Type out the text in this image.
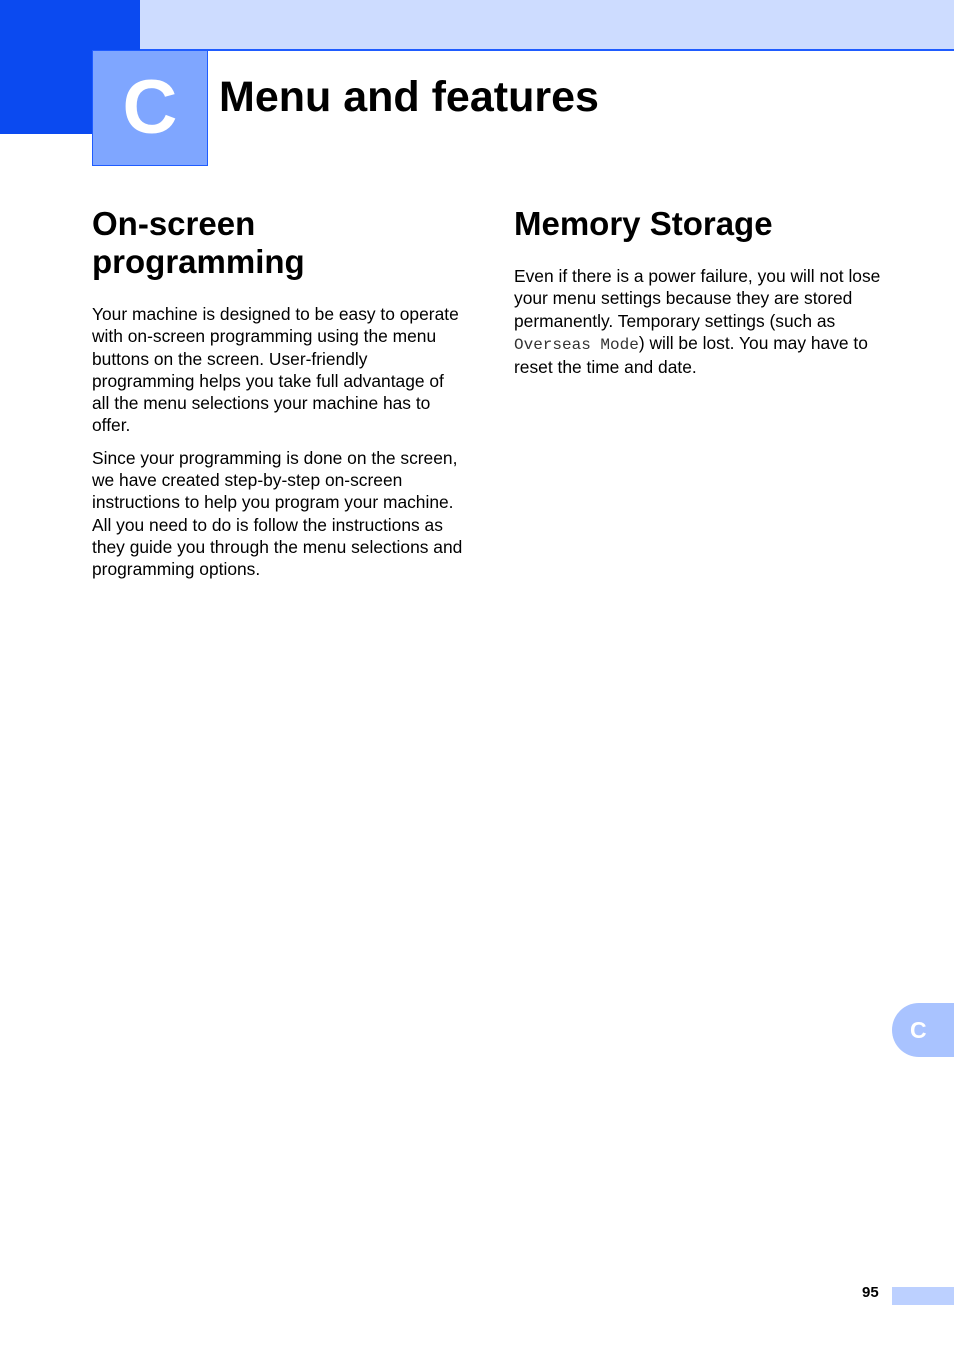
C Menu and features
On-screen
programming

Your machine is designed to be easy to operate with on-screen programming using the menu buttons on the screen. User-friendly programming helps you take full advantage of all the menu selections your machine has to offer.

Since your programming is done on the screen, we have created step-by-step on-screen instructions to help you program your machine. All you need to do is follow the instructions as they guide you through the menu selections and programming options.

Memory Storage

Even if there is a power failure, you will not lose your menu settings because they are stored permanently. Temporary settings (such as Overseas Mode) will be lost. You may have to reset the time and date.

C
95
